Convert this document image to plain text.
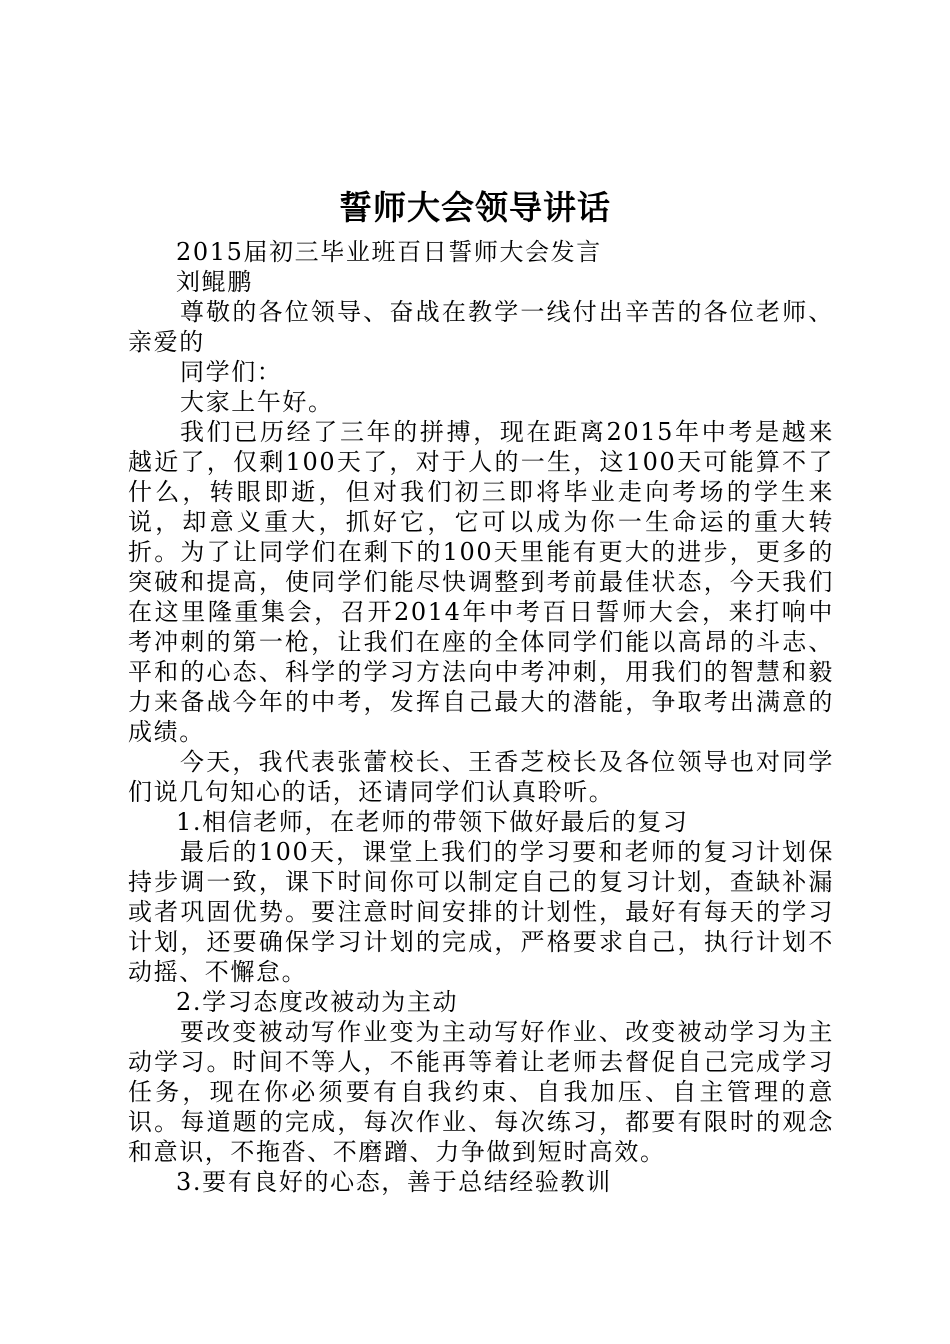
誓师大会领导讲话

2015届初三毕业班百日誓师大会发言

刘鲲鹏

尊敬的各位领导、奋战在教学一线付出辛苦的各位老师、亲爱的

同学们：

大家上午好。

我们已历经了三年的拼搏，现在距离2015年中考是越来越近了，仅剩100天了，对于人的一生，这100天可能算不了什么，转眼即逝，但对我们初三即将毕业走向考场的学生来说，却意义重大，抓好它，它可以成为你一生命运的重大转折。为了让同学们在剩下的100天里能有更大的进步，更多的突破和提高，使同学们能尽快调整到考前最佳状态，今天我们在这里隆重集会，召开2014年中考百日誓师大会，来打响中考冲刺的第一枪，让我们在座的全体同学们能以高昂的斗志、平和的心态、科学的学习方法向中考冲刺，用我们的智慧和毅力来备战今年的中考，发挥自己最大的潜能，争取考出满意的成绩。

今天，我代表张蕾校长、王香芝校长及各位领导也对同学们说几句知心的话，还请同学们认真聆听。

1.相信老师，在老师的带领下做好最后的复习

最后的100天，课堂上我们的学习要和老师的复习计划保持步调一致，课下时间你可以制定自己的复习计划，查缺补漏或者巩固优势。要注意时间安排的计划性，最好有每天的学习计划，还要确保学习计划的完成，严格要求自己，执行计划不动摇、不懈怠。

2.学习态度改被动为主动

要改变被动写作业变为主动写好作业、改变被动学习为主动学习。时间不等人，不能再等着让老师去督促自己完成学习任务，现在你必须要有自我约束、自我加压、自主管理的意识。每道题的完成，每次作业、每次练习，都要有限时的观念和意识，不拖沓、不磨蹭、力争做到短时高效。

3.要有良好的心态，善于总结经验教训
